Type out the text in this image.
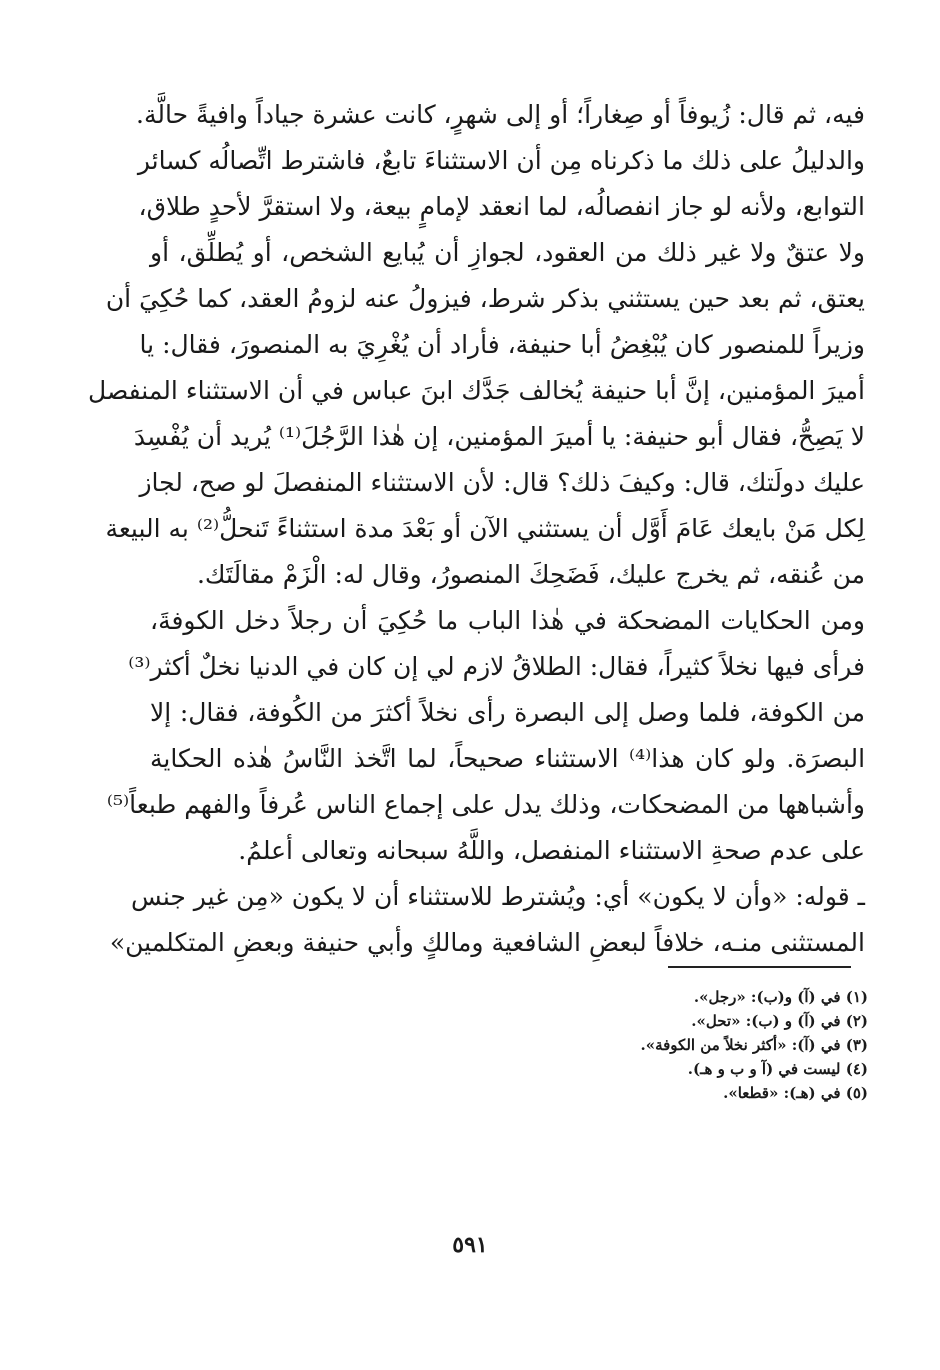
فيه، ثم قال: زُيوفاً أو صِغاراً؛ أو إلى شهرٍ، كانت عشرة جياداً وافيةً حالَّة.
والدليلُ على ذلك ما ذكرناه مِن أن الاستثناءَ تابعٌ، فاشترط اتِّصالُه كسائر
التوابع، ولأنه لو جاز انفصالُه، لما انعقد لإمامٍ بيعة، ولا استقرَّ لأحدٍ طلاق،
ولا عتقٌ ولا غير ذلك من العقود، لجوازِ أن يُبايع الشخص، أو يُطلِّق، أو
يعتق، ثم بعد حين يستثني بذكر شرط، فيزولُ عنه لزومُ العقد، كما حُكِيَ أن
وزيراً للمنصور كان يُبْغِضُ أبا حنيفة، فأراد أن يُغْرِيَ به المنصورَ، فقال: يا
أميرَ المؤمنين، إنَّ أبا حنيفة يُخالف جَدَّك ابنَ عباس في أن الاستثناء المنفصل
لا يَصِحُّ، فقال أبو حنيفة: يا أميرَ المؤمنين، إن هٰذا الرَّجُلَ⁽¹⁾ يُريد أن يُفْسِدَ
عليك دولَتك، قال: وكيفَ ذلك؟ قال: لأن الاستثناء المنفصلَ لو صح، لجاز
لِكل مَنْ بايعك عَامَ أَوَّل أن يستثني الآن أو بَعْدَ مدة استثناءً تَنحلُّ⁽²⁾ به البيعة
من عُنقه، ثم يخرج عليك، فَضَحِكَ المنصورُ، وقال له: الْزَمْ مقالَتَك.
ومن الحكايات المضحكة في هٰذا الباب ما حُكِيَ أن رجلاً دخل الكوفةَ،
فرأى فيها نخلاً كثيراً، فقال: الطلاقُ لازم لي إن كان في الدنيا نخلٌ أكثر⁽³⁾
من الكوفة، فلما وصل إلى البصرة رأى نخلاً أكثرَ من الكُوفة، فقال: إلا
البصرَة. ولو كان هذا⁽⁴⁾ الاستثناء صحيحاً، لما اتَّخذ النَّاسُ هٰذه الحكاية
وأشباهها من المضحكات، وذلك يدل على إجماع الناس عُرفاً والفهم طبعاً⁽⁵⁾
على عدم صحةِ الاستثناء المنفصل، واللَّهُ سبحانه وتعالى أعلمُ.
ـ قوله: «وأن لا يكون» أي: ويُشترط للاستثناء أن لا يكون «مِن غير جنس
المستثنى منـه، خلافاً لبعضِ الشافعية ومالكٍ وأبي حنيفة وبعضِ المتكلمين»
(١) في (آ) و(ب): «رجل».
(٢) في (آ) و (ب): «تحل».
(٣) في (آ): «أكثر نخلاً من الكوفة».
(٤) ليست في (آ و ب و هـ).
(٥) في (هـ): «قطعا».
٥٩١
